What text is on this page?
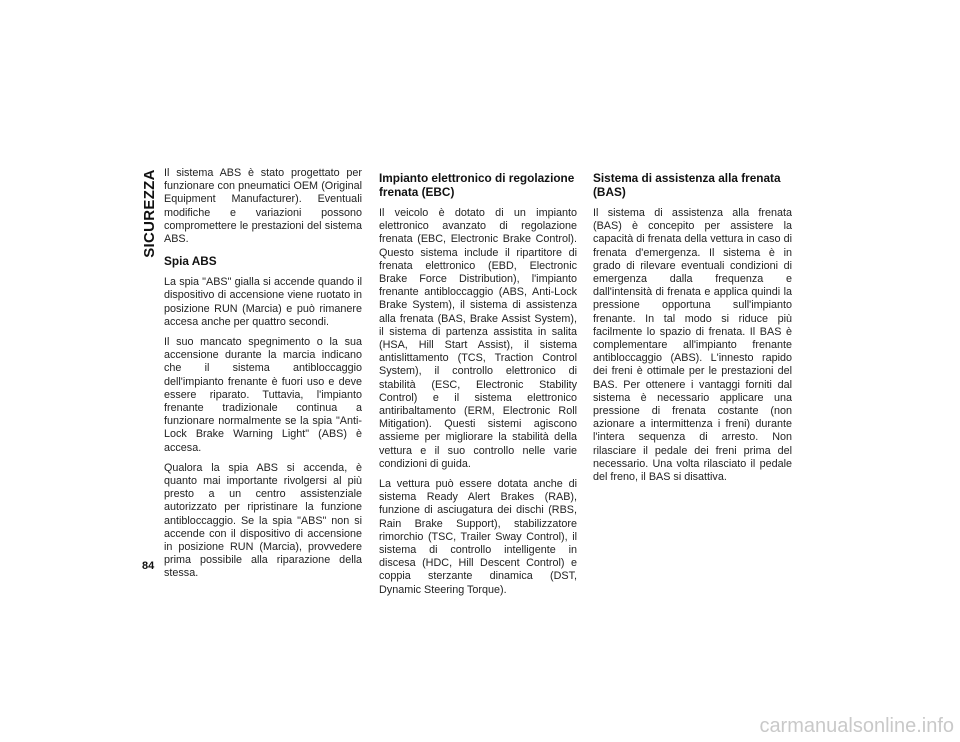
SICUREZZA Il sistema ABS è stato progettato per funzionare con pneumatici OEM (Original Equipment Manufacturer). Eventuali modifiche e variazioni possono compromettere le prestazioni del sistema ABS.

Spia ABS

La spia "ABS" gialla si accende quando il dispositivo di accensione viene ruotato in posizione RUN (Marcia) e può rimanere accesa anche per quattro secondi.

Il suo mancato spegnimento o la sua accensione durante la marcia indicano che il sistema antibloccaggio dell'impianto frenante è fuori uso e deve essere riparato. Tuttavia, l'impianto frenante tradizionale continua a funzionare normalmente se la spia "Anti-Lock Brake Warning Light" (ABS) è accesa.

Qualora la spia ABS si accenda, è quanto mai importante rivolgersi al più presto a un centro assistenziale autorizzato per ripristinare la funzione antibloccaggio. Se la spia "ABS" non si accende con il dispositivo di accensione in posizione RUN (Marcia), provvedere prima possibile alla riparazione della stessa.

Impianto elettronico di regolazione frenata (EBC)

Il veicolo è dotato di un impianto elettronico avanzato di regolazione frenata (EBC, Electronic Brake Control). Questo sistema include il ripartitore di frenata elettronico (EBD, Electronic Brake Force Distribution), l'impianto frenante antibloccaggio (ABS, Anti-Lock Brake System), il sistema di assistenza alla frenata (BAS, Brake Assist System), il sistema di partenza assistita in salita (HSA, Hill Start Assist), il sistema antislittamento (TCS, Traction Control System), il controllo elettronico di stabilità (ESC, Electronic Stability Control) e il sistema elettronico antiribaltamento (ERM, Electronic Roll Mitigation). Questi sistemi agiscono assieme per migliorare la stabilità della vettura e il suo controllo nelle varie condizioni di guida.

La vettura può essere dotata anche di sistema Ready Alert Brakes (RAB), funzione di asciugatura dei dischi (RBS, Rain Brake Support), stabilizzatore rimorchio (TSC, Trailer Sway Control), il sistema di controllo intelligente in discesa (HDC, Hill Descent Control) e coppia sterzante dinamica (DST, Dynamic Steering Torque).

Sistema di assistenza alla frenata (BAS)

Il sistema di assistenza alla frenata (BAS) è concepito per assistere la capacità di frenata della vettura in caso di frenata d'emergenza. Il sistema è in grado di rilevare eventuali condizioni di emergenza dalla frequenza e dall'intensità di frenata e applica quindi la pressione opportuna sull'impianto frenante. In tal modo si riduce più facilmente lo spazio di frenata. Il BAS è complementare all'impianto frenante antibloccaggio (ABS). L'innesto rapido dei freni è ottimale per le prestazioni del BAS. Per ottenere i vantaggi forniti dal sistema è necessario applicare una pressione di frenata costante (non azionare a intermittenza i freni) durante l'intera sequenza di arresto. Non rilasciare il pedale dei freni prima del necessario. Una volta rilasciato il pedale del freno, il BAS si disattiva.

84
carmanualsonline.info
